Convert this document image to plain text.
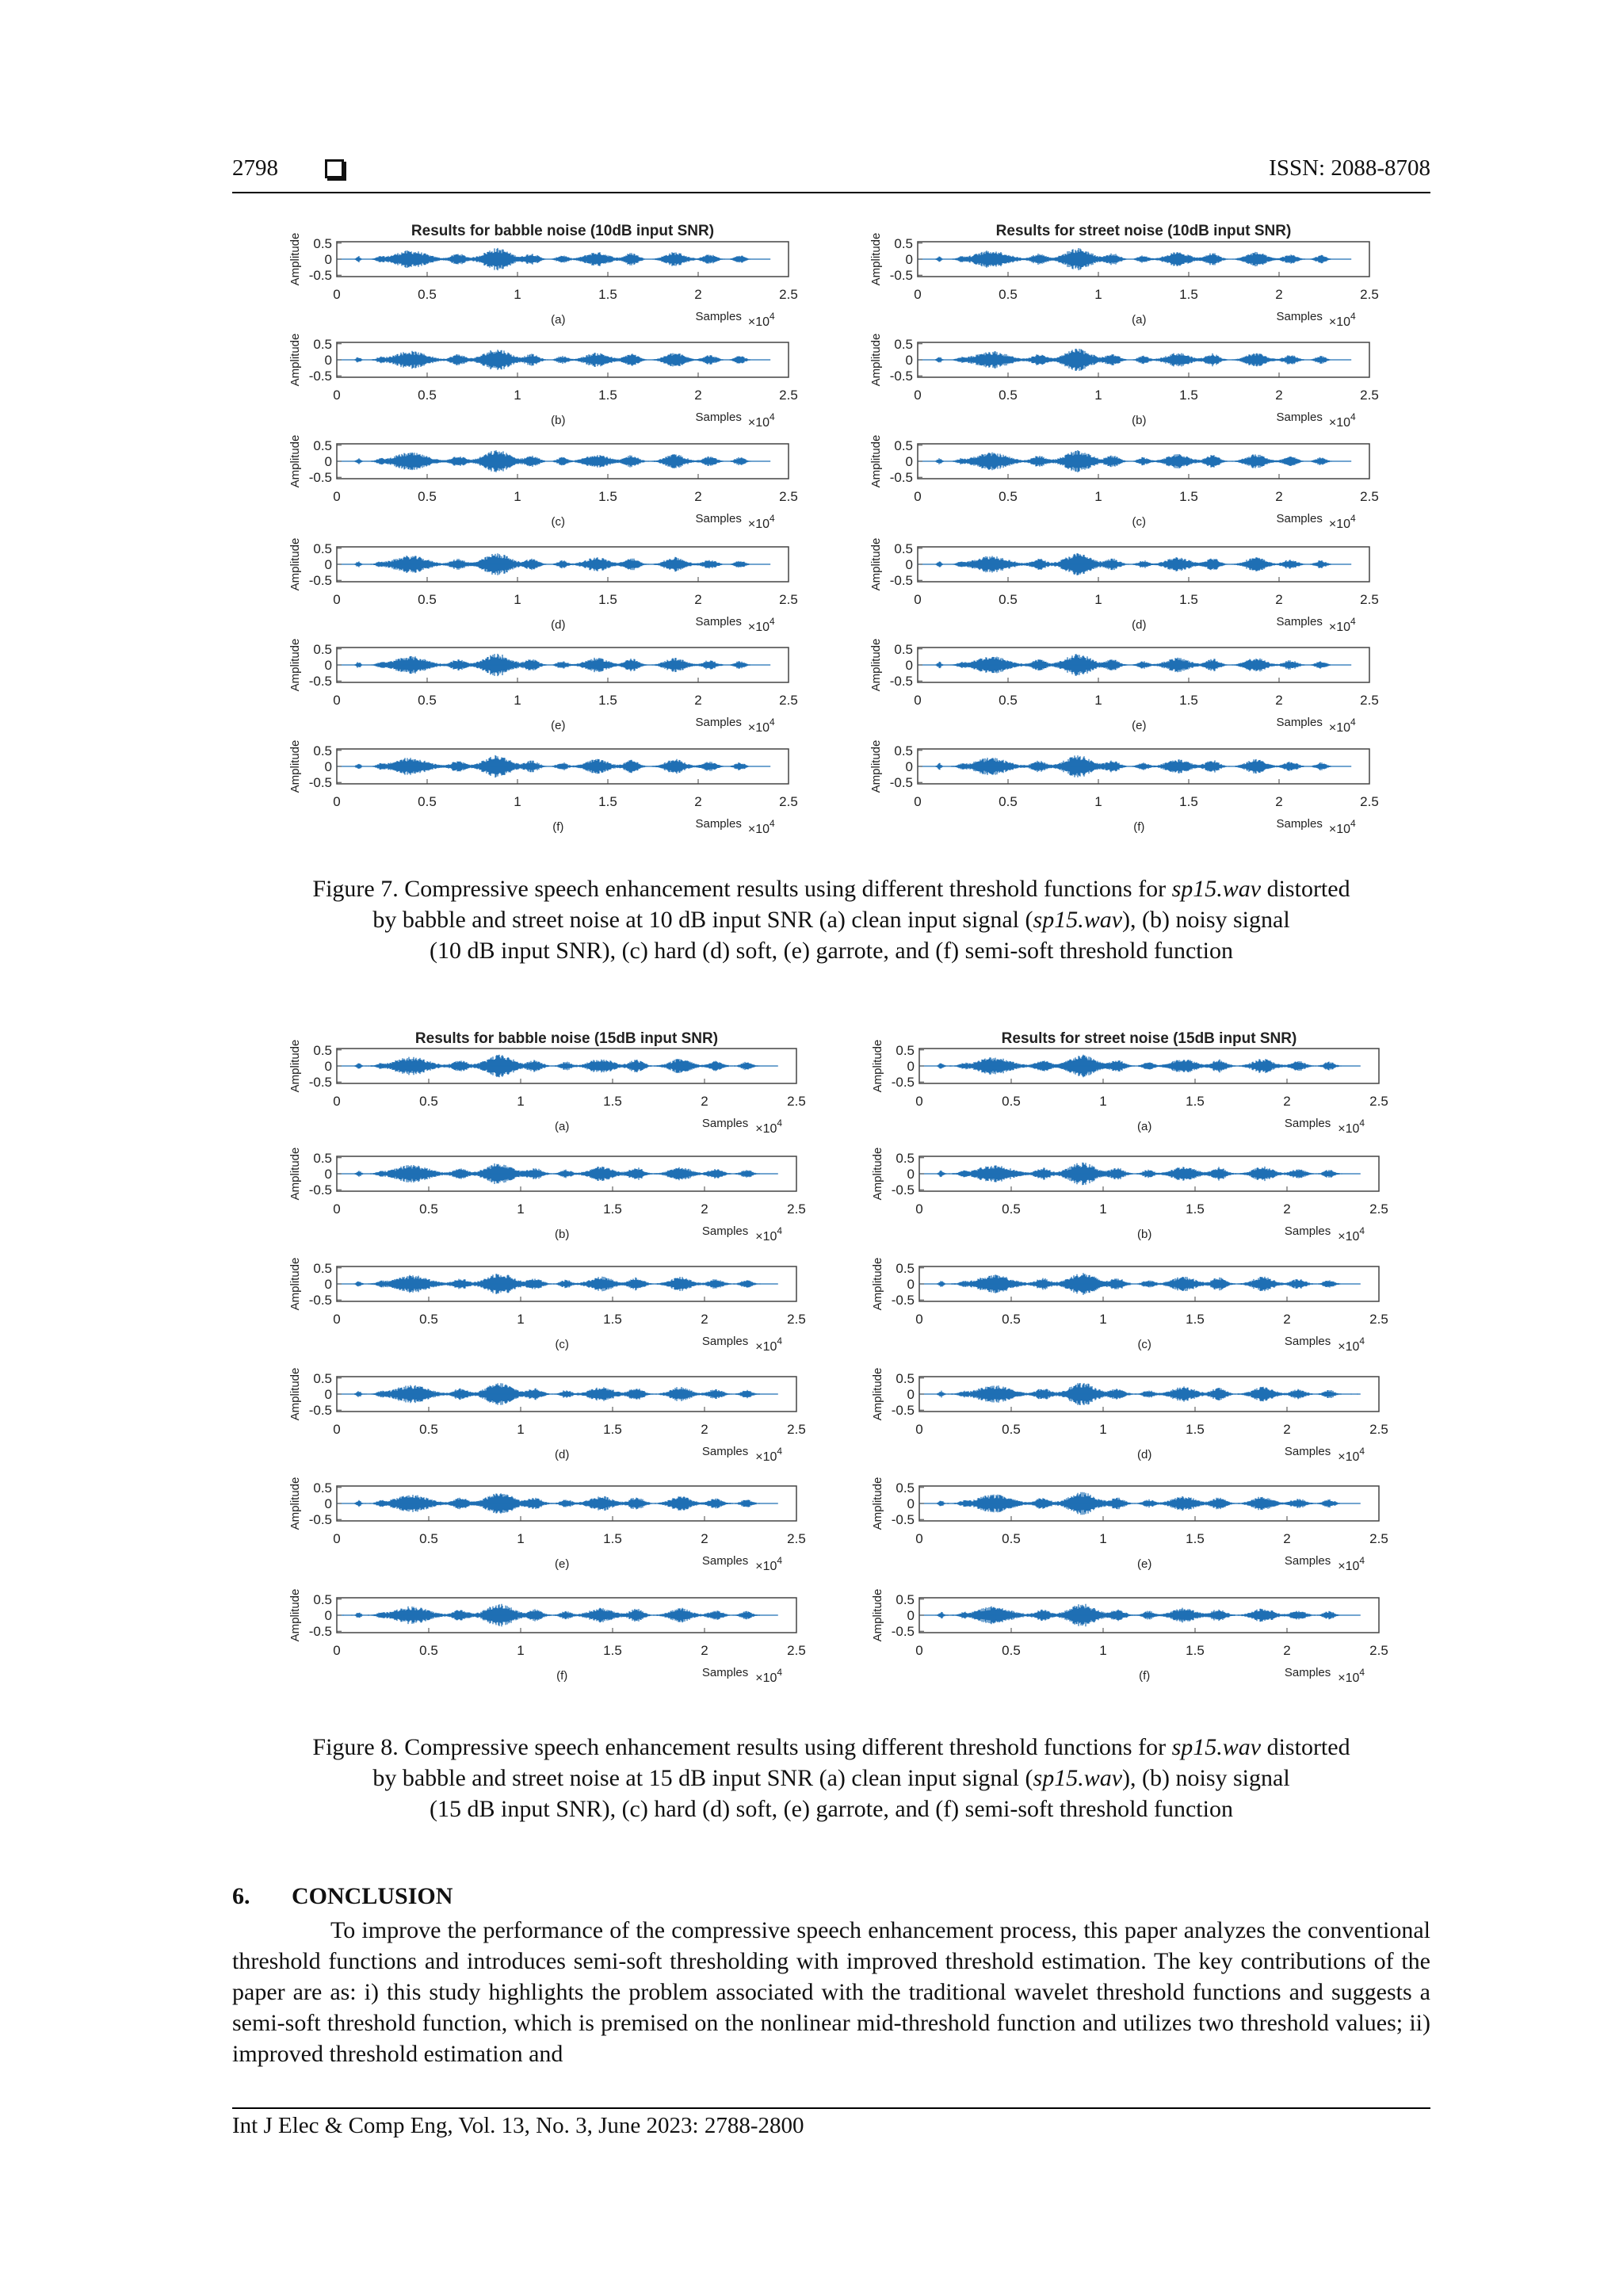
2798	ISSN: 2088-8708
Results for babble noise (10dB input SNR)
0.5
0
-0.5
Amplitude
0	0.5	1	1.5	2	2.5
(a)	Samples $\times 10^4$
0.5
0
-0.5
Amplitude
0	0.5	1	1.5	2	2.5
(b)	Samples $\times 10^4$
0.5
0
-0.5
Amplitude
0	0.5	1	1.5	2	2.5
(c)	Samples $\times 10^4$
0.5
0
-0.5
Amplitude
0	0.5	1	1.5	2	2.5
(d)	Samples $\times 10^4$
0.5
0
-0.5
Amplitude
0	0.5	1	1.5	2	2.5
(e)	Samples $\times 10^4$
0.5
0
-0.5
Amplitude
0	0.5	1	1.5	2	2.5
(f)	Samples $\times 10^4$
Results for street noise (10dB input SNR)
0.5
0
-0.5
Amplitude
0	0.5	1	1.5	2	2.5
(a)	Samples $\times 10^4$
0.5
0
-0.5
Amplitude
0	0.5	1	1.5	2	2.5
(b)	Samples $\times 10^4$
0.5
0
-0.5
Amplitude
0	0.5	1	1.5	2	2.5
(c)	Samples $\times 10^4$
0.5
0
-0.5
Amplitude
0	0.5	1	1.5	2	2.5
(d)	Samples $\times 10^4$
0.5
0
-0.5
Amplitude
0	0.5	1	1.5	2	2.5
(e)	Samples $\times 10^4$
0.5
0
-0.5
Amplitude
0	0.5	1	1.5	2	2.5
(f)	Samples $\times 10^4$
Figure 7. Compressive speech enhancement results using different threshold functions for sp15.wav distorted
by babble and street noise at 10 dB input SNR (a) clean input signal (sp15.wav), (b) noisy signal
(10 dB input SNR), (c) hard (d) soft, (e) garrote, and (f) semi-soft threshold function
Results for babble noise (15dB input SNR)
0.5
0
-0.5
Amplitude
0	0.5	1	1.5	2	2.5
(a)	Samples $\times 10^4$
0.5
0
-0.5
Amplitude
0	0.5	1	1.5	2	2.5
(b)	Samples $\times 10^4$
0.5
0
-0.5
Amplitude
0	0.5	1	1.5	2	2.5
(c)	Samples $\times 10^4$
0.5
0
-0.5
Amplitude
0	0.5	1	1.5	2	2.5
(d)	Samples $\times 10^4$
0.5
0
-0.5
Amplitude
0	0.5	1	1.5	2	2.5
(e)	Samples $\times 10^4$
0.5
0
-0.5
Amplitude
0	0.5	1	1.5	2	2.5
(f)	Samples $\times 10^4$
Results for street noise (15dB input SNR)
0.5
0
-0.5
Amplitude
0	0.5	1	1.5	2	2.5
(a)	Samples $\times 10^4$
0.5
0
-0.5
Amplitude
0	0.5	1	1.5	2	2.5
(b)	Samples $\times 10^4$
0.5
0
-0.5
Amplitude
0	0.5	1	1.5	2	2.5
(c)	Samples $\times 10^4$
0.5
0
-0.5
Amplitude
0	0.5	1	1.5	2	2.5
(d)	Samples $\times 10^4$
0.5
0
-0.5
Amplitude
0	0.5	1	1.5	2	2.5
(e)	Samples $\times 10^4$
0.5
0
-0.5
Amplitude
0	0.5	1	1.5	2	2.5
(f)	Samples $\times 10^4$
Figure 8. Compressive speech enhancement results using different threshold functions for sp15.wav distorted
by babble and street noise at 15 dB input SNR (a) clean input signal (sp15.wav), (b) noisy signal
(15 dB input SNR), (c) hard (d) soft, (e) garrote, and (f) semi-soft threshold function
6. CONCLUSION
To improve the performance of the compressive speech enhancement process, this paper analyzes the conventional threshold functions and introduces semi-soft thresholding with improved threshold estimation. The key contributions of the paper are as: i) this study highlights the problem associated with the traditional wavelet threshold functions and suggests a semi-soft threshold function, which is premised on the nonlinear mid-threshold function and utilizes two threshold values; ii) improved threshold estimation and
Int J Elec & Comp Eng, Vol. 13, No. 3, June 2023: 2788-2800
